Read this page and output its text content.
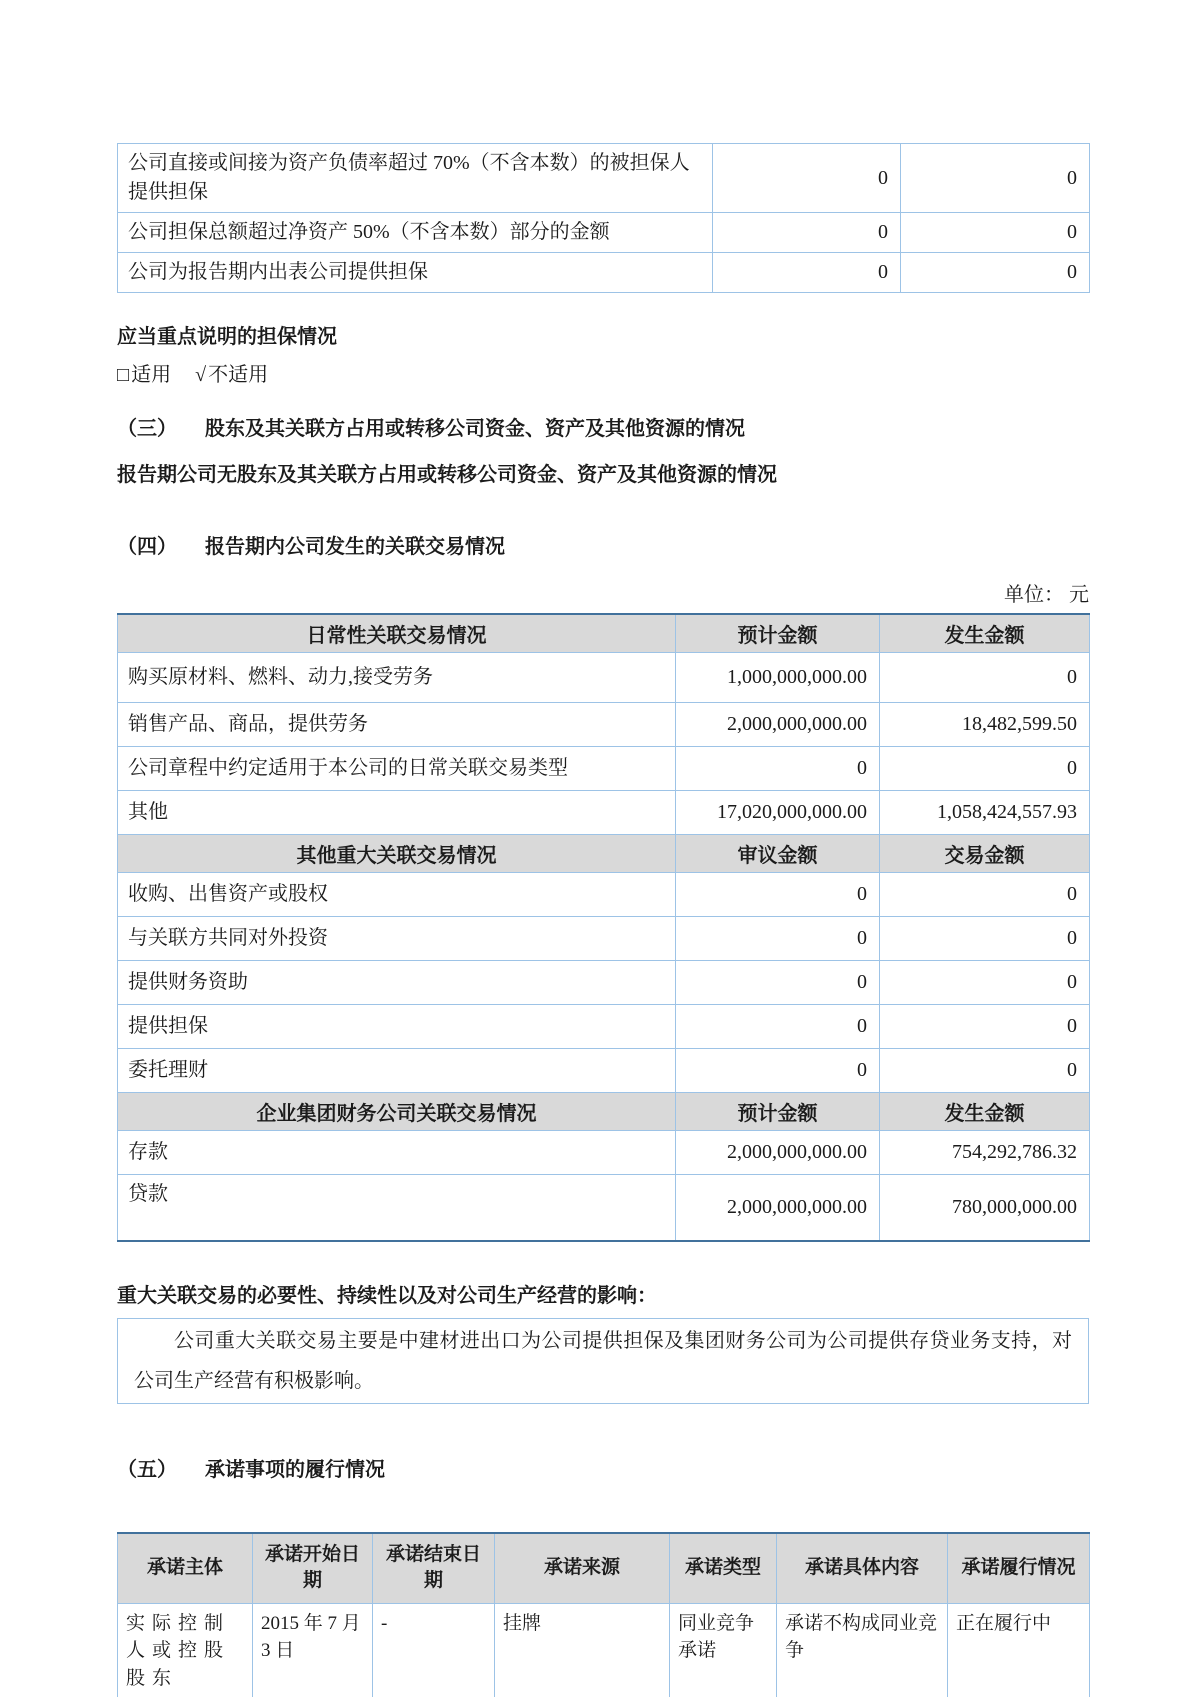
公司直接或间接为资产负债率超过 70%（不含本数）的被担保人提供担保	0	0
公司担保总额超过净资产 50%（不含本数）部分的金额	0	0
公司为报告期内出表公司提供担保	0	0
应当重点说明的担保情况
□ 适用 √ 不适用
（三） 股东及其关联方占用或转移公司资金、资产及其他资源的情况
报告期公司无股东及其关联方占用或转移公司资金、资产及其他资源的情况
（四） 报告期内公司发生的关联交易情况
单位： 元
日常性关联交易情况	预计金额	发生金额
购买原材料、燃料、动力,接受劳务	1,000,000,000.00	0
销售产品、商品，提供劳务	2,000,000,000.00	18,482,599.50
公司章程中约定适用于本公司的日常关联交易类型	0	0
其他	17,020,000,000.00	1,058,424,557.93
其他重大关联交易情况	审议金额	交易金额
收购、出售资产或股权	0	0
与关联方共同对外投资	0	0
提供财务资助	0	0
提供担保	0	0
委托理财	0	0
企业集团财务公司关联交易情况	预计金额	发生金额
存款	2,000,000,000.00	754,292,786.32
贷款	2,000,000,000.00	780,000,000.00
重大关联交易的必要性、持续性以及对公司生产经营的影响：
公司重大关联交易主要是中建材进出口为公司提供担保及集团财务公司为公司提供存贷业务支持，对公司生产经营有积极影响。
（五） 承诺事项的履行情况
承诺主体	承诺开始日期	承诺结束日期	承诺来源	承诺类型	承诺具体内容	承诺履行情况
实际控制人或控股股东	2015 年 7 月 3 日	-	挂牌	同业竞争承诺	承诺不构成同业竞争	正在履行中
